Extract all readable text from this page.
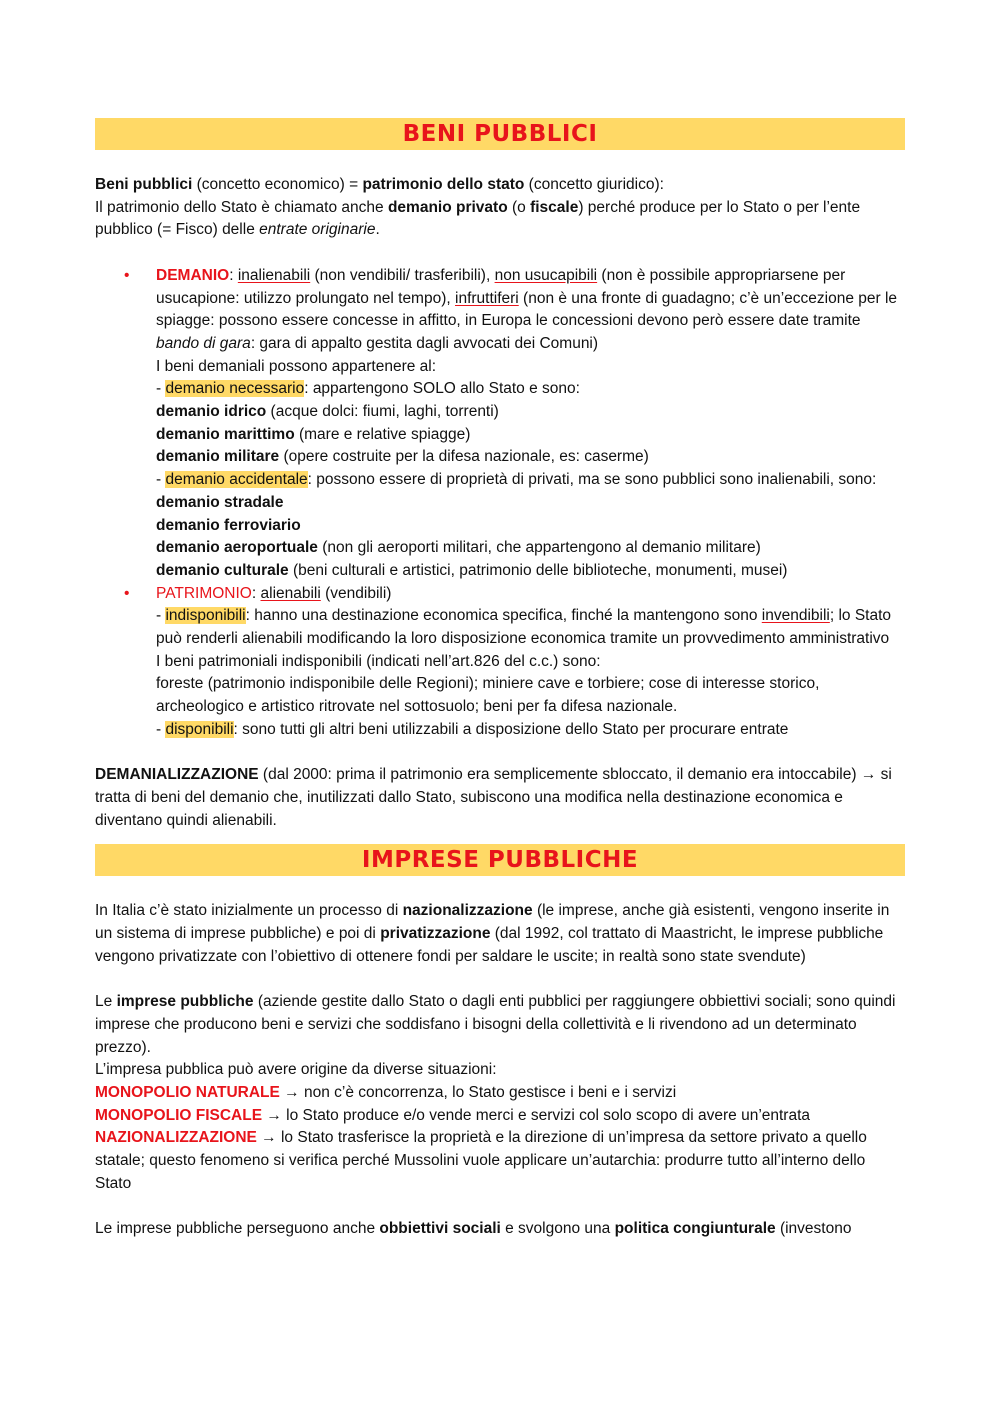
BENI PUBBLICI

Beni pubblici (concetto economico) = patrimonio dello stato (concetto giuridico):
Il patrimonio dello Stato è chiamato anche demanio privato (o fiscale) perché produce per lo Stato o per l’ente pubblico (= Fisco) delle entrate originarie.

• DEMANIO: inalienabili (non vendibili/ trasferibili), non usucapibili (non è possibile appropriarsene per usucapione: utilizzo prolungato nel tempo), infruttiferi (non è una fronte di guadagno; c’è un’eccezione per le spiagge: possono essere concesse in affitto, in Europa le concessioni devono però essere date tramite bando di gara: gara di appalto gestita dagli avvocati dei Comuni)
I beni demaniali possono appartenere al:
- demanio necessario: appartengono SOLO allo Stato e sono:
demanio idrico (acque dolci: fiumi, laghi, torrenti)
demanio marittimo (mare e relative spiagge)
demanio militare (opere costruite per la difesa nazionale, es: caserme)
- demanio accidentale: possono essere di proprietà di privati, ma se sono pubblici sono inalienabili, sono:
demanio stradale
demanio ferroviario
demanio aeroportuale (non gli aeroporti militari, che appartengono al demanio militare)
demanio culturale (beni culturali e artistici, patrimonio delle biblioteche, monumenti, musei)
• PATRIMONIO: alienabili (vendibili)
- indisponibili: hanno una destinazione economica specifica, finché la mantengono sono invendibili; lo Stato può renderli alienabili modificando la loro disposizione economica tramite un provvedimento amministrativo
I beni patrimoniali indisponibili (indicati nell’art.826 del c.c.) sono:
foreste (patrimonio indisponibile delle Regioni); miniere cave e torbiere; cose di interesse storico, archeologico e artistico ritrovate nel sottosuolo; beni per fa difesa nazionale.
- disponibili: sono tutti gli altri beni utilizzabili a disposizione dello Stato per procurare entrate

DEMANIALIZZAZIONE (dal 2000: prima il patrimonio era semplicemente sbloccato, il demanio era intoccabile) → si tratta di beni del demanio che, inutilizzati dallo Stato, subiscono una modifica nella destinazione economica e diventano quindi alienabili.

IMPRESE PUBBLICHE

In Italia c’è stato inizialmente un processo di nazionalizzazione (le imprese, anche già esistenti, vengono inserite in un sistema di imprese pubbliche) e poi di privatizzazione (dal 1992, col trattato di Maastricht, le imprese pubbliche vengono privatizzate con l’obiettivo di ottenere fondi per saldare le uscite; in realtà sono state svendute)

Le imprese pubbliche (aziende gestite dallo Stato o dagli enti pubblici per raggiungere obbiettivi sociali; sono quindi imprese che producono beni e servizi che soddisfano i bisogni della collettività e li rivendono ad un determinato prezzo).
L’impresa pubblica può avere origine da diverse situazioni:
MONOPOLIO NATURALE → non c’è concorrenza, lo Stato gestisce i beni e i servizi
MONOPOLIO FISCALE → lo Stato produce e/o vende merci e servizi col solo scopo di avere un’entrata
NAZIONALIZZAZIONE → lo Stato trasferisce la proprietà e la direzione di un’impresa da settore privato a quello statale; questo fenomeno si verifica perché Mussolini vuole applicare un’autarchia: produrre tutto all’interno dello Stato

Le imprese pubbliche perseguono anche obbiettivi sociali e svolgono una politica congiunturale (investono
